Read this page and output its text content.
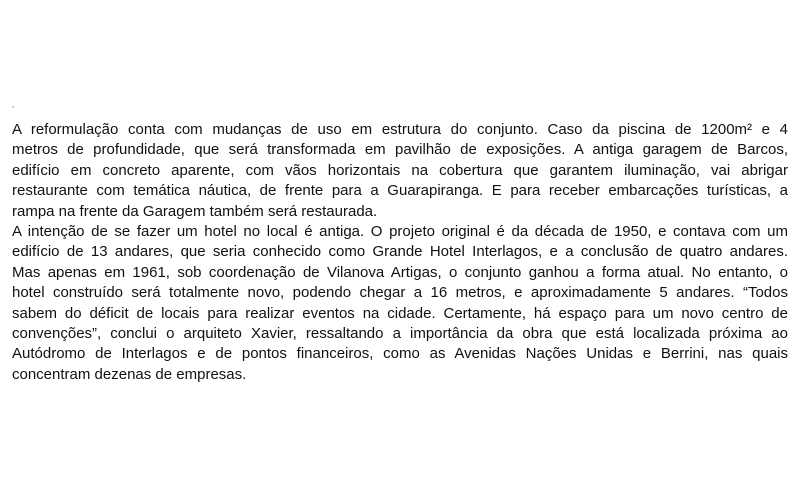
A reformulação conta com mudanças de uso em estrutura do conjunto. Caso da piscina de 1200m² e 4
metros de profundidade, que será transformada em pavilhão de exposições. A antiga garagem de Barcos,
edifício em concreto aparente, com vãos horizontais na cobertura que garantem iluminação, vai abrigar
restaurante com temática náutica, de frente para a Guarapiranga. E para receber embarcações turísticas, a
rampa na frente da Garagem também será restaurada.

A intenção de se fazer um hotel no local é antiga. O projeto original é da década de 1950, e contava com um
edifício de 13 andares, que seria conhecido como Grande Hotel Interlagos, e a conclusão de quatro andares.
Mas apenas em 1961, sob coordenação de Vilanova Artigas, o conjunto ganhou a forma atual. No entanto, o
hotel construído será totalmente novo, podendo chegar a 16 metros, e aproximadamente 5 andares. “Todos
sabem do déficit de locais para realizar eventos na cidade. Certamente, há espaço para um novo centro de
convenções”, conclui o arquiteto Xavier, ressaltando a importância da obra que está localizada próxima ao
Autódromo de Interlagos e de pontos financeiros, como as Avenidas Nações Unidas e Berrini, nas quais
concentram dezenas de empresas.
